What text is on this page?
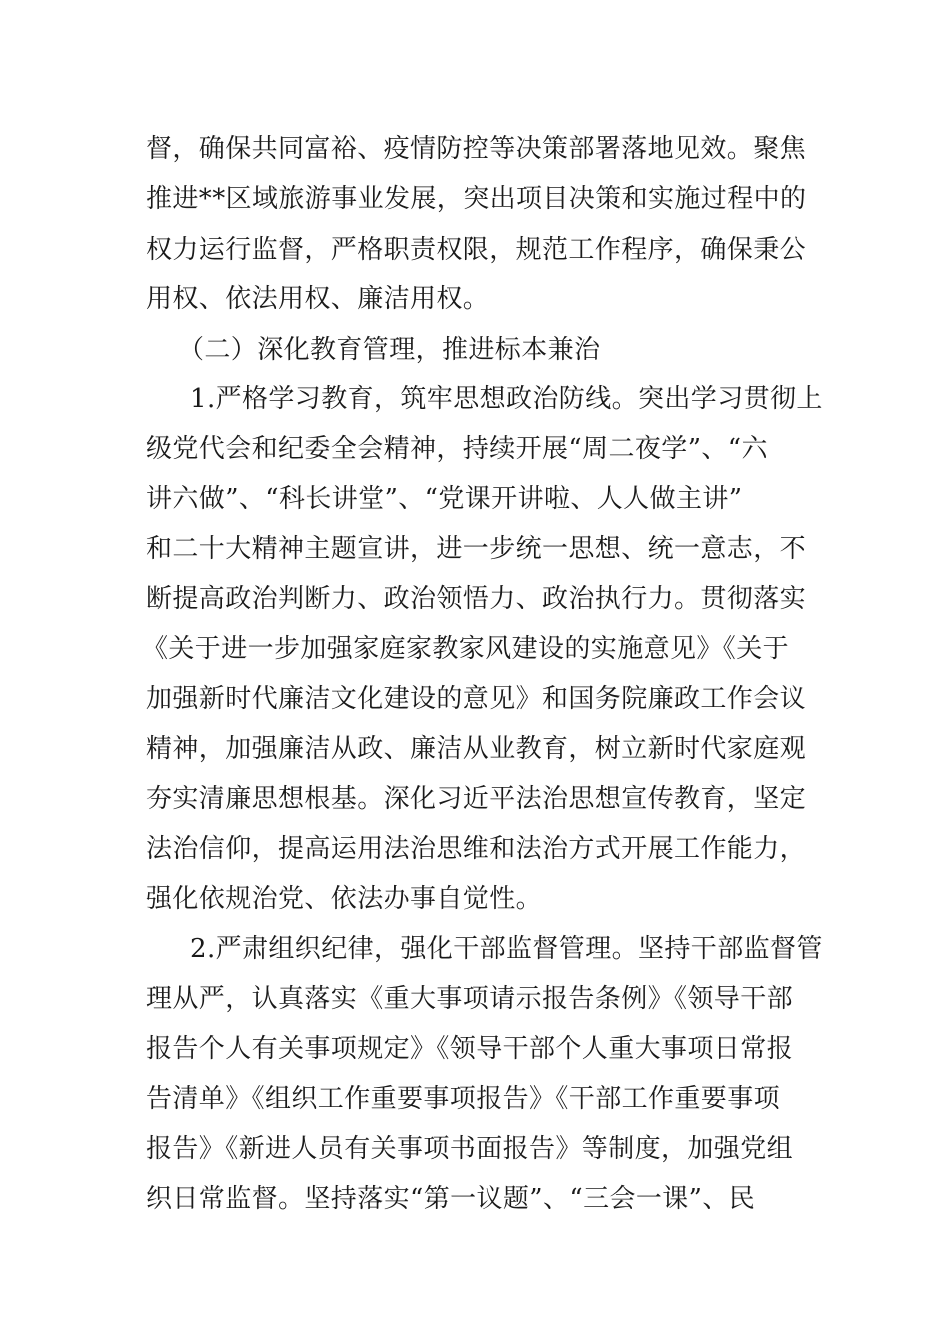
督，确保共同富裕、疫情防控等决策部署落地见效。聚焦
推进**区域旅游事业发展，突出项目决策和实施过程中的
权力运行监督，严格职责权限，规范工作程序，确保秉公
用权、依法用权、廉洁用权。
（二）深化教育管理，推进标本兼治
1.严格学习教育，筑牢思想政治防线。突出学习贯彻上
级党代会和纪委全会精神，持续开展“周二夜学”、“六
讲六做”、“科长讲堂”、“党课开讲啦、人人做主讲”
和二十大精神主题宣讲，进一步统一思想、统一意志，不
断提高政治判断力、政治领悟力、政治执行力。贯彻落实
《关于进一步加强家庭家教家风建设的实施意见》《关于
加强新时代廉洁文化建设的意见》和国务院廉政工作会议
精神，加强廉洁从政、廉洁从业教育，树立新时代家庭观
夯实清廉思想根基。深化习近平法治思想宣传教育，坚定
法治信仰，提高运用法治思维和法治方式开展工作能力，
强化依规治党、依法办事自觉性。
2.严肃组织纪律，强化干部监督管理。坚持干部监督管
理从严，认真落实《重大事项请示报告条例》《领导干部
报告个人有关事项规定》《领导干部个人重大事项日常报
告清单》《组织工作重要事项报告》《干部工作重要事项
报告》《新进人员有关事项书面报告》等制度，加强党组
织日常监督。坚持落实“第一议题”、“三会一课”、民
